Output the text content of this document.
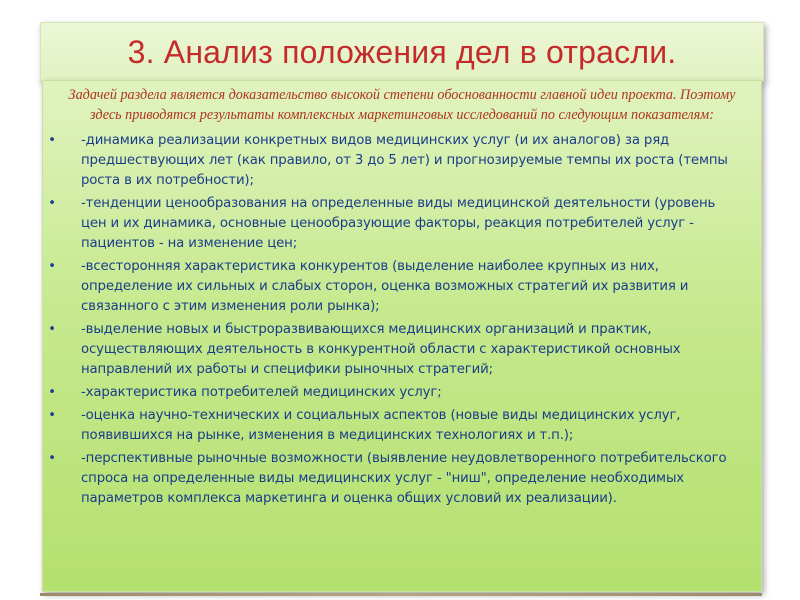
3. Анализ положения дел в отрасли.
Задачей раздела является доказательство высокой степени обоснованности главной идеи проекта. Поэтому здесь приводятся результаты комплексных маркетинговых исследований по следующим показателям:
• -динамика реализации конкретных видов медицинских услуг (и их аналогов) за ряд предшествующих лет (как правило, от 3 до 5 лет) и прогнозируемые темпы их роста (темпы роста в их потребности);
• -тенденции ценообразования на определенные виды медицинской деятельности (уровень цен и их динамика, основные ценообразующие факторы, реакция потребителей услуг - пациентов - на изменение цен;
• -всесторонняя характеристика конкурентов (выделение наиболее крупных из них, определение их сильных и слабых сторон, оценка возможных стратегий их развития и связанного с этим изменения роли рынка);
• -выделение новых и быстроразвивающихся медицинских организаций и практик, осуществляющих деятельность в конкурентной области с характеристикой основных направлений их работы и специфики рыночных стратегий;
• -характеристика потребителей медицинских услуг;
• -оценка научно-технических и социальных аспектов (новые виды медицинских услуг, появившихся на рынке, изменения в медицинских технологиях и т.п.);
• -перспективные рыночные возможности (выявление неудовлетворенного потребительского спроса на определенные виды медицинских услуг - "ниш", определение необходимых параметров комплекса маркетинга и оценка общих условий их реализации).
